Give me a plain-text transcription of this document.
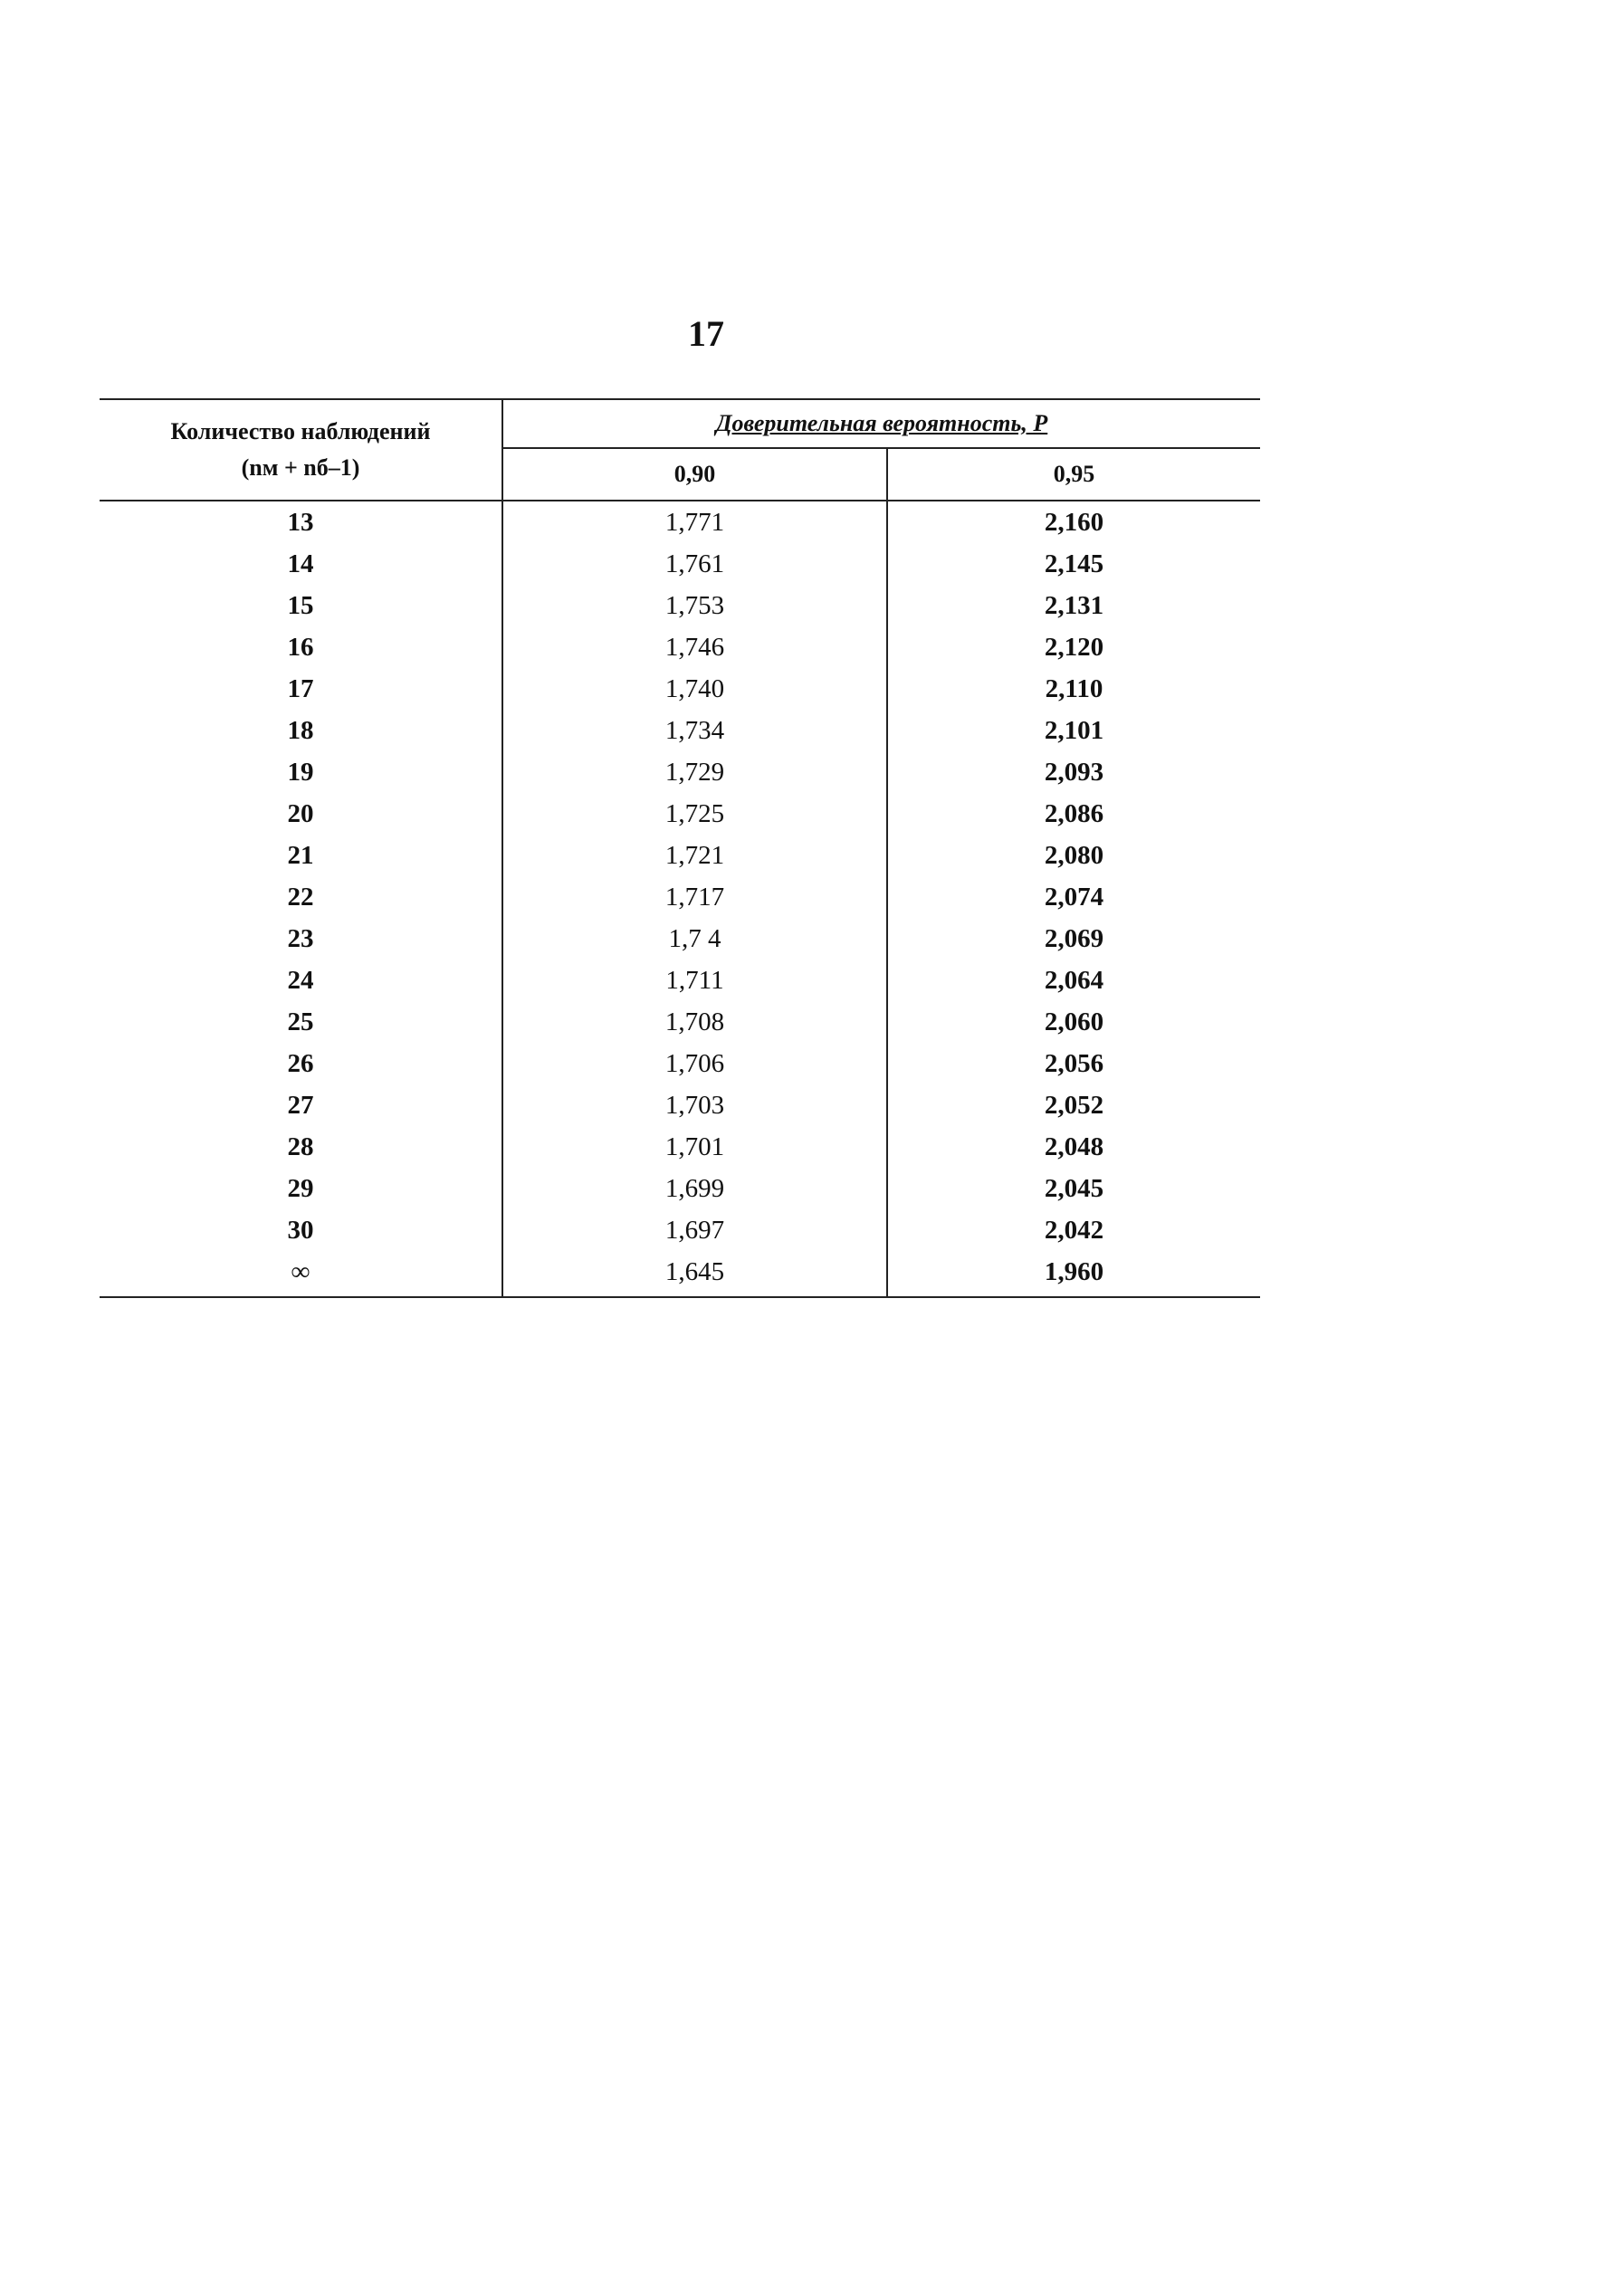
17
Количество наблюдений
(nм + nб–1)	Доверительная вероятность, P	
	0,90	0,95
13	1,771	2,160
14	1,761	2,145
15	1,753	2,131
16	1,746	2,120
17	1,740	2,110
18	1,734	2,101
19	1,729	2,093
20	1,725	2,086
21	1,721	2,080
22	1,717	2,074
23	1,7 4	2,069
24	1,711	2,064
25	1,708	2,060
26	1,706	2,056
27	1,703	2,052
28	1,701	2,048
29	1,699	2,045
30	1,697	2,042
∞	1,645	1,960
